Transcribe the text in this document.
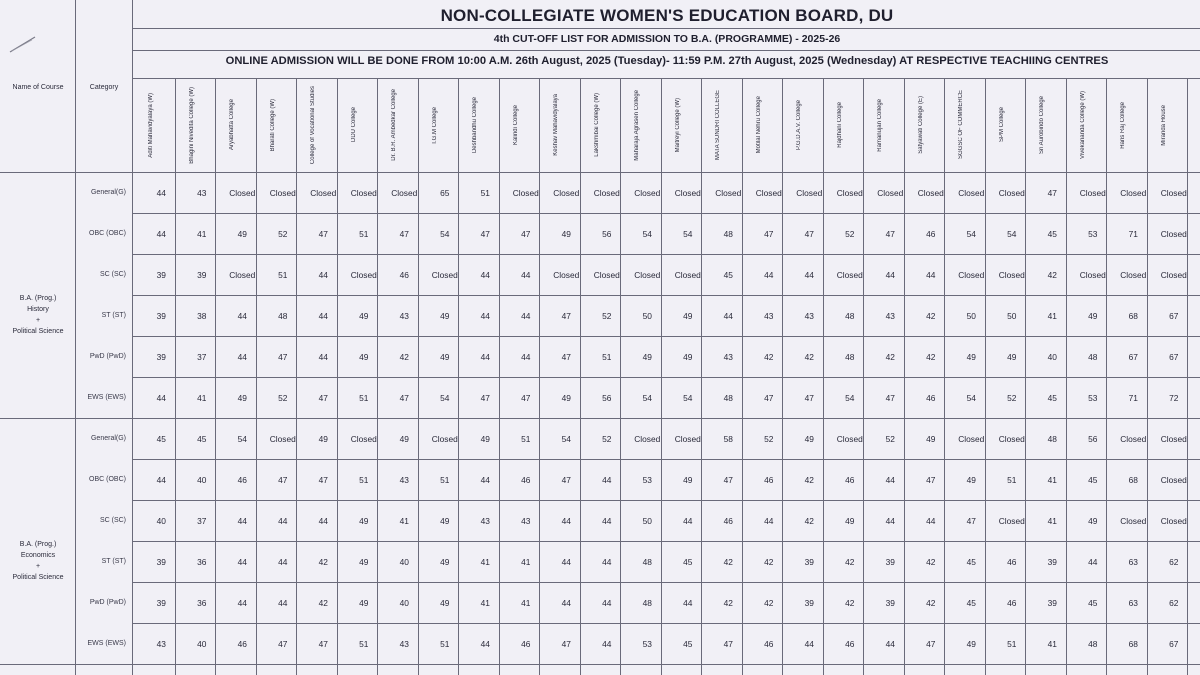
NON-COLLEGIATE WOMEN'S EDUCATION BOARD, DU
4th CUT-OFF LIST FOR ADMISSION TO B.A. (PROGRAMME) - 2025-26
ONLINE ADMISSION WILL BE DONE FROM 10:00 A.M. 26th August, 2025 (Tuesday)- 11:59 P.M. 27th August, 2025 (Wednesday) AT RESPECTIVE TEACHIING CENTRES
Name of Course	Category
Aditi Mahavidyalaya (W)	Bhagini Nivedita College (W)	Aryabhatta College	Bharati College (W)	College of Vocational Studies	DDU College	Dr. B.R. Ambedkar College	I.G.M College	Deshbandhu College	Kalindi College	Keshav Mahavidyalaya	Lakshmibai College (W)	Maharaja Agrasen College	Maitreyi College (W)	MATA SUNDRI COLLEGE	Motilal Nehru College	P.G.D.A.V. College	Rajdhani College	Ramanujan College	Satyawati College (E)	SGGSC OF COMMERCE	SPM College	Sri Aurobindo College	Vivekananda College (W)	Hans Raj College	Miranda House
General(G)	44	43	Closed	Closed	Closed	Closed	Closed	65	51	Closed	Closed	Closed	Closed	Closed	Closed	Closed	Closed	Closed	Closed	Closed	Closed	Closed	47	Closed	Closed	Closed
OBC (OBC)	44	41	49	52	47	51	47	54	47	47	49	56	54	54	48	47	47	52	47	46	54	54	45	53	71	Closed
SC (SC)	39	39	Closed	51	44	Closed	46	Closed	44	44	Closed	Closed	Closed	Closed	45	44	44	Closed	44	44	Closed	Closed	42	Closed	Closed	Closed
ST (ST)	39	38	44	48	44	49	43	49	44	44	47	52	50	49	44	43	43	48	43	42	50	50	41	49	68	67
PwD (PwD)	39	37	44	47	44	49	42	49	44	44	47	51	49	49	43	42	42	48	42	42	49	49	40	48	67	67
EWS (EWS)	44	41	49	52	47	51	47	54	47	47	49	56	54	54	48	47	47	54	47	46	54	52	45	53	71	72
B.A. (Prog.)
History
+
Political Science
General(G)	45	45	54	Closed	49	Closed	49	Closed	49	51	54	52	Closed	Closed	58	52	49	Closed	52	49	Closed	Closed	48	56	Closed	Closed
OBC (OBC)	44	40	46	47	47	51	43	51	44	46	47	44	53	49	47	46	42	46	44	47	49	51	41	45	68	Closed
SC (SC)	40	37	44	44	44	49	41	49	43	43	44	44	50	44	46	44	42	49	44	44	47	Closed	41	49	Closed	Closed
ST (ST)	39	36	44	44	42	49	40	49	41	41	44	44	48	45	42	42	39	42	39	42	45	46	39	44	63	62
PwD (PwD)	39	36	44	44	42	49	40	49	41	41	44	44	48	44	42	42	39	42	39	42	45	46	39	45	63	62
EWS (EWS)	43	40	46	47	47	51	43	51	44	46	47	44	53	45	47	46	44	46	44	47	49	51	41	48	68	67
B.A. (Prog.)
Economics
+
Political Science
